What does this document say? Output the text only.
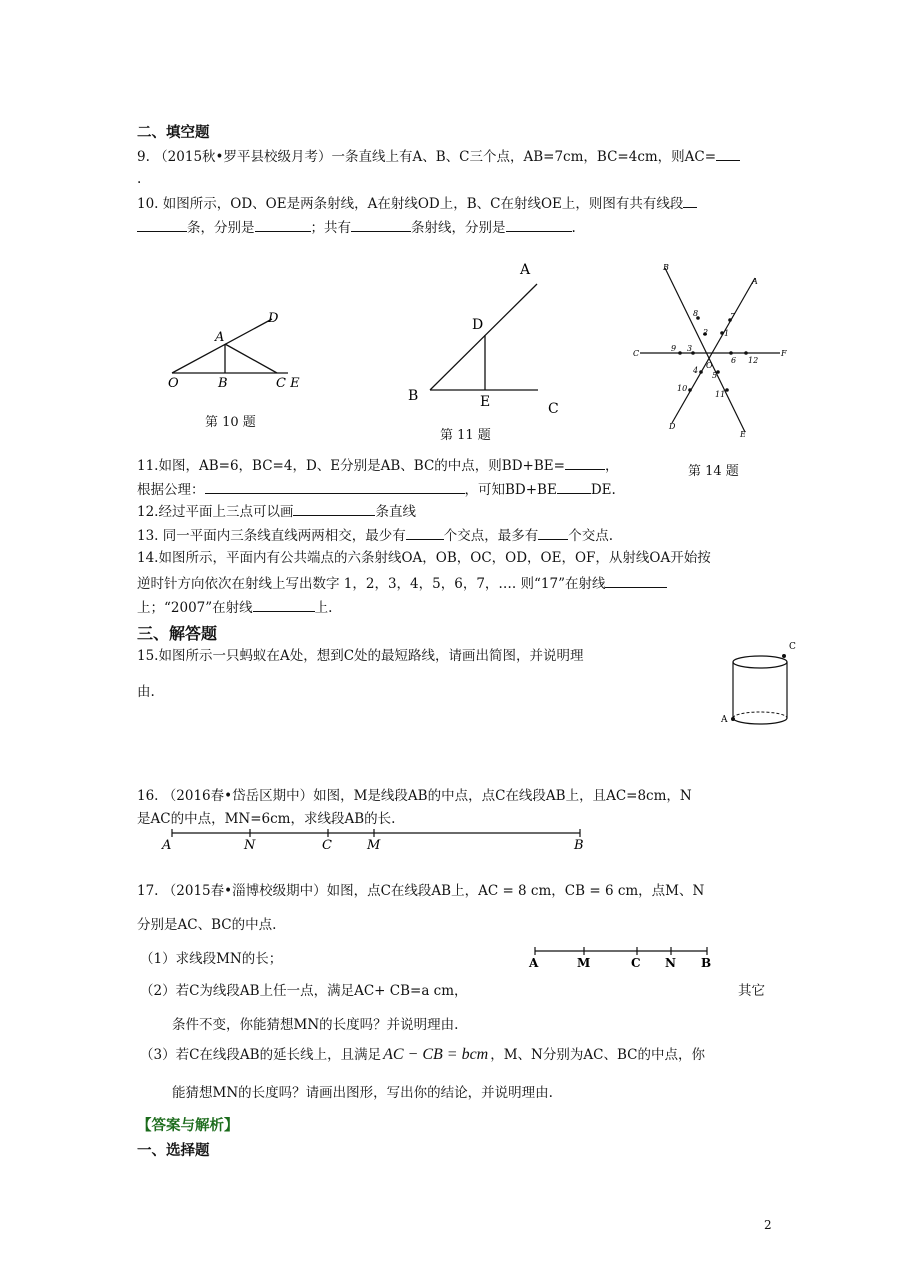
二、填空题
9. （2015秋•罗平县校级月考）一条直线上有A、B、C三个点，AB=7cm，BC=4cm，则AC=
.
10. 如图所示，OD、OE是两条射线，A在射线OD上，B、C在射线OE上，则图有共有线段
条，分别是	；共有	条射线，分别是	.
D
A
O	B	C E
第 10 题
A
D
B	E	C
第 11 题
B
A
C	F
D
E
O
1
2
3
4
5
6
7
8
9
10
11
12
第 14 题
11.如图，AB=6，BC=4，D、E分别是AB、BC的中点，则BD+BE=	，
根据公理：	，可知BD+BE	DE.
12.经过平面上三点可以画	条直线
13. 同一平面内三条线直线两两相交，最少有	个交点，最多有 个交点.
14.如图所示，平面内有公共端点的六条射线OA，OB，OC，OD，OE，OF，从射线OA开始按
逆时针方向依次在射线上写出数字 1，2，3，4，5，6，7，…. 则“17”在射线
上；“2007”在射线	上.
三、解答题
15.如图所示一只蚂蚁在A处，想到C处的最短路线，请画出简图，并说明理
由.
C
A
16. （2016春•岱岳区期中）如图，M是线段AB的中点，点C在线段AB上，且AC=8cm，N
是AC的中点，MN=6cm，求线段AB的长.
A	N	C	M	B
17. （2015春•淄博校级期中）如图，点C在线段AB上，AC = 8 cm，CB = 6 cm，点M、N
分别是AC、BC的中点.
（1）求线段MN的长；	A	M	C N B
（2）若C为线段AB上任一点，满足AC+ CB=a cm，	其它
条件不变，你能猜想MN的长度吗？并说明理由.
（3）若C在线段AB的延长线上，且满足 AC − CB = bcm ，M、N分别为AC、BC的中点，你
能猜想MN的长度吗？请画出图形，写出你的结论，并说明理由.
【答案与解析】
一、选择题
2
